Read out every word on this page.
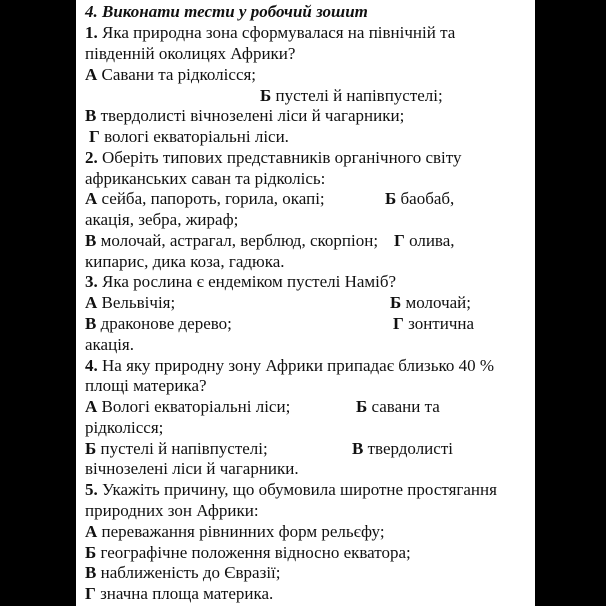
4. Виконати тести у робочий зошит
1. Яка природна зона сформувалася на північній та
південній околицях Африки?
А Савани та рідколісся;
Б пустелі й напівпустелі;
В твердолисті вічнозелені ліси й чагарники;
Г вологі екваторіальні ліси.
2. Оберіть типових представників органічного світу
африканських саван та рідколісь:
А сейба, папороть, горила, окапі;	Б баобаб,
акація, зебра, жираф;
В молочай, астрагал, верблюд, скорпіон; Г олива,
кипарис, дика коза, гадюка.
3. Яка рослина є ендеміком пустелі Наміб?
А Вельвічія;	Б молочай;
В драконове дерево;	Г зонтична
акація.
4. На яку природну зону Африки припадає близько 40 %
площі материка?
А Вологі екваторіальні ліси;	Б савани та
рідколісся;
Б пустелі й напівпустелі;	В твердолисті
вічнозелені ліси й чагарники.
5. Укажіть причину, що обумовила широтне простягання
природних зон Африки:
А переважання рівнинних форм рельєфу;
Б географічне положення відносно екватора;
В наближеність до Євразії;
Г значна площа материка.
